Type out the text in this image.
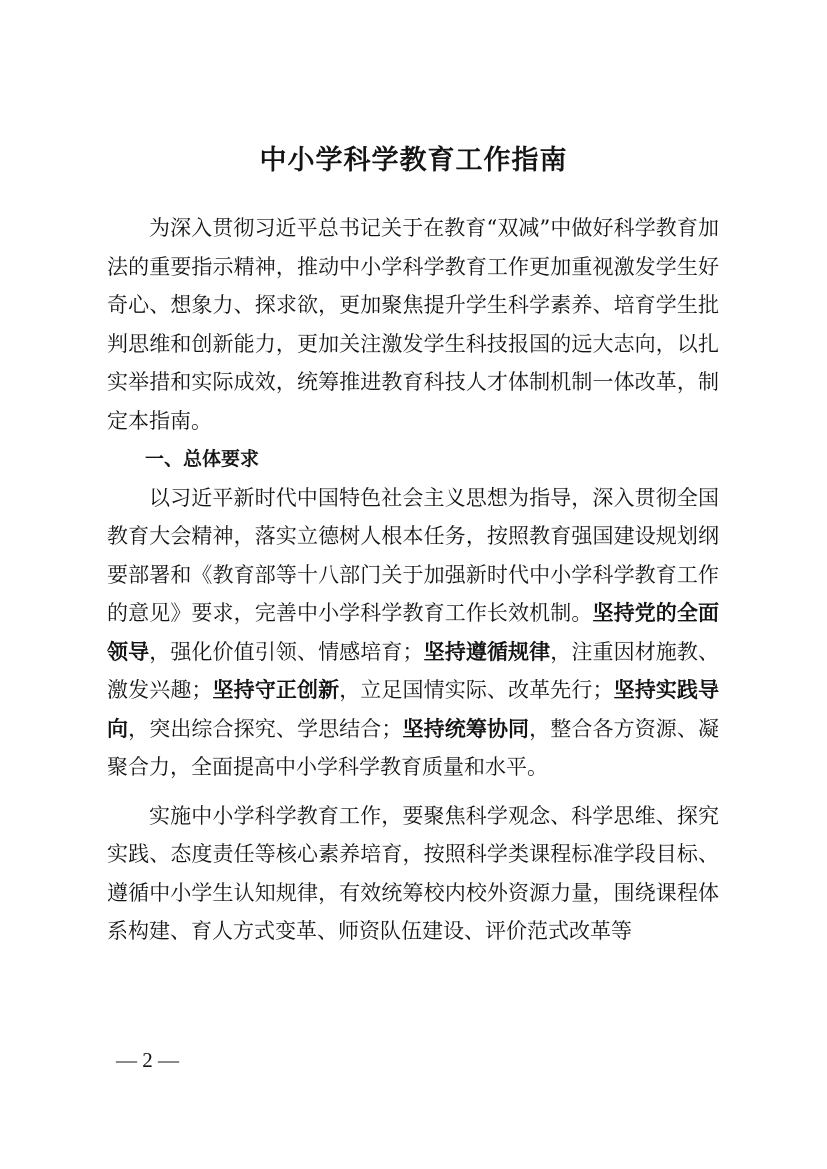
中小学科学教育工作指南

为深入贯彻习近平总书记关于在教育“双减”中做好科学教育加法的重要指示精神，推动中小学科学教育工作更加重视激发学生好奇心、想象力、探求欲，更加聚焦提升学生科学素养、培育学生批判思维和创新能力，更加关注激发学生科技报国的远大志向，以扎实举措和实际成效，统筹推进教育科技人才体制机制一体改革，制定本指南。

一、总体要求

以习近平新时代中国特色社会主义思想为指导，深入贯彻全国教育大会精神，落实立德树人根本任务，按照教育强国建设规划纲要部署和《教育部等十八部门关于加强新时代中小学科学教育工作的意见》要求，完善中小学科学教育工作长效机制。坚持党的全面领导，强化价值引领、情感培育；坚持遵循规律，注重因材施教、激发兴趣；坚持守正创新，立足国情实际、改革先行；坚持实践导向，突出综合探究、学思结合；坚持统筹协同，整合各方资源、凝聚合力，全面提高中小学科学教育质量和水平。

实施中小学科学教育工作，要聚焦科学观念、科学思维、探究实践、态度责任等核心素养培育，按照科学类课程标准学段目标、遵循中小学生认知规律，有效统筹校内校外资源力量，围绕课程体系构建、育人方式变革、师资队伍建设、评价范式改革等

— 2 —
